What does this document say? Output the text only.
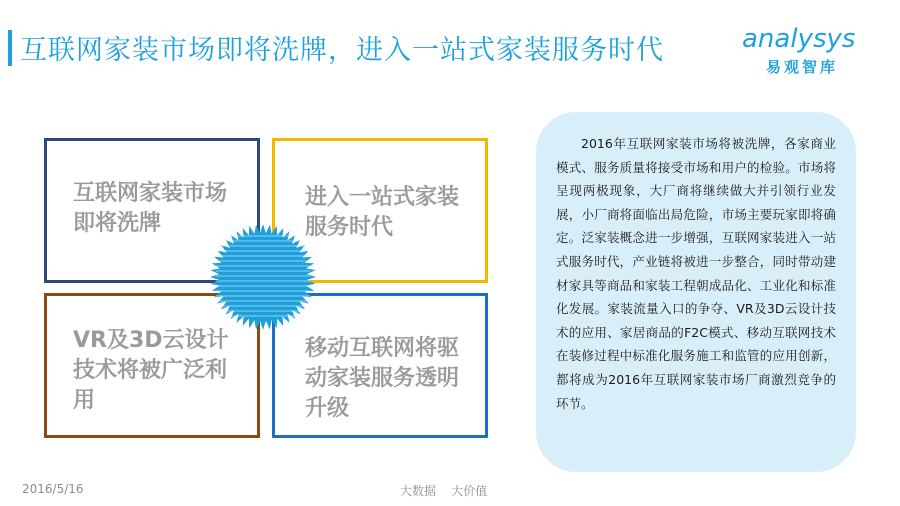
互联网家装市场即将洗牌，进入一站式家装服务时代	analysys
易观智库
互联网家装市场即将洗牌
进入一站式家装服务时代
VR及3D云设计技术将被广泛利用
移动互联网将驱动家装服务透明升级
2016年互联网家装市场将被洗牌，各家商业模式、服务质量将接受市场和用户的检验。市场将呈现两极现象，大厂商将继续做大并引领行业发展，小厂商将面临出局危险，市场主要玩家即将确定。泛家装概念进一步增强，互联网家装进入一站式服务时代，产业链将被进一步整合，同时带动建材家具等商品和家装工程朝成品化、工业化和标准化发展。家装流量入口的争夺、VR及3D云设计技术的应用、家居商品的F2C模式、移动互联网技术在装修过程中标准化服务施工和监管的应用创新，都将成为2016年互联网家装市场厂商激烈竞争的环节。
2016/5/16	大数据    大价值
